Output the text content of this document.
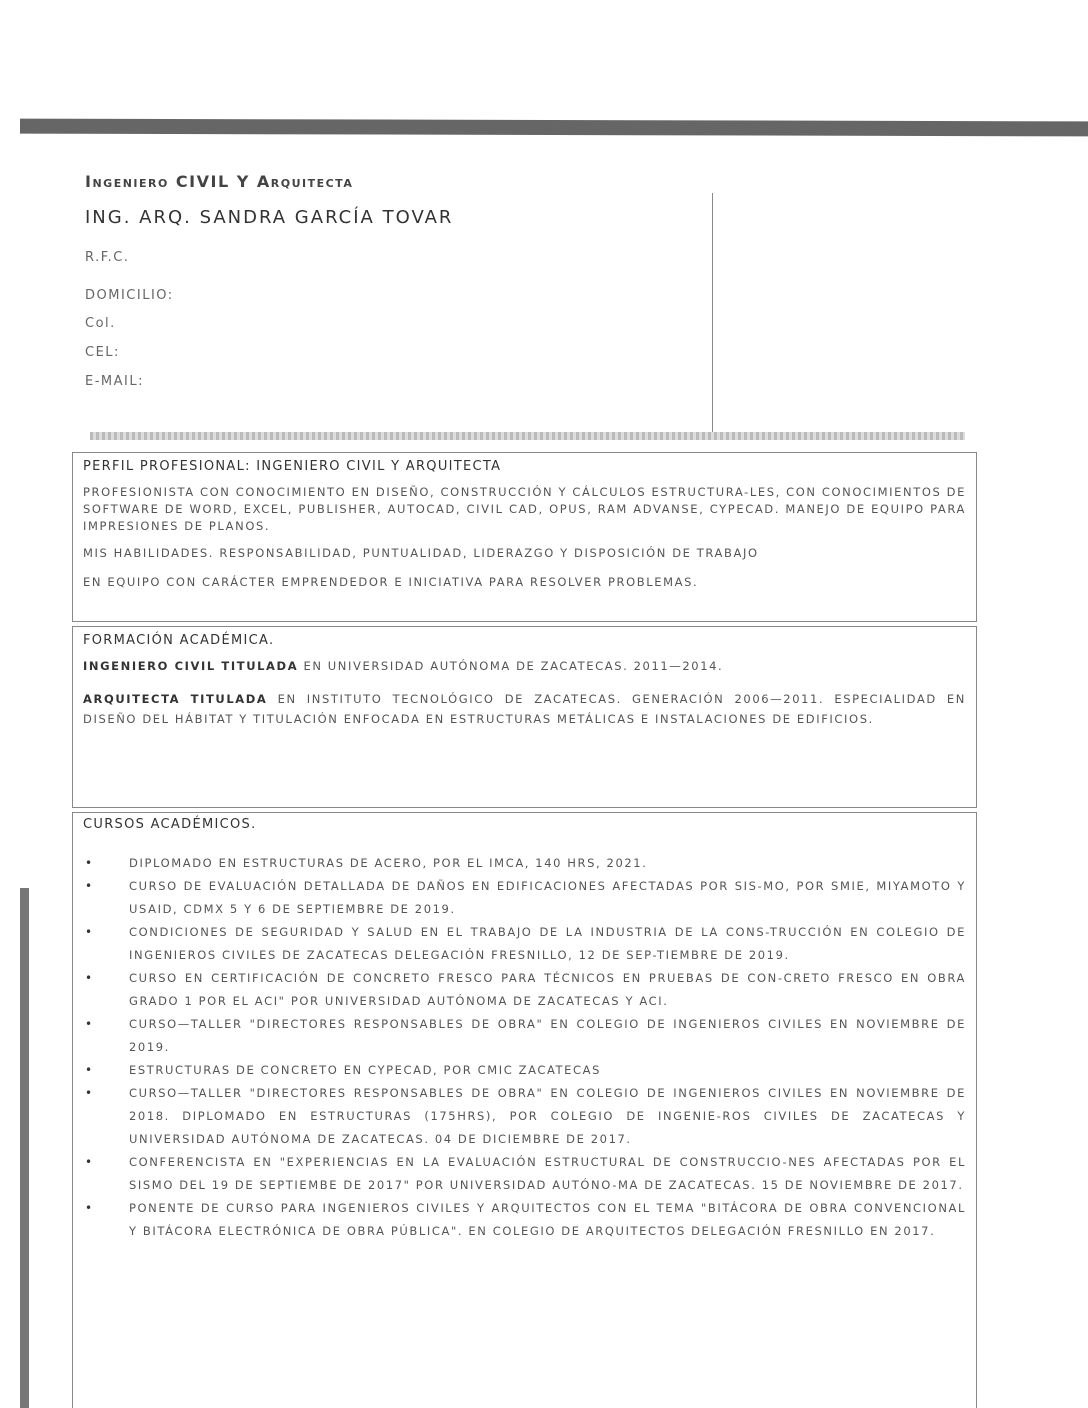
Ingeniero CIVIL Y Arquitecta
ING. ARQ. SANDRA GARCÍA TOVAR
R.F.C.
DOMICILIO:
Col.
CEL:
E-MAIL:

PERFIL PROFESIONAL: INGENIERO CIVIL Y ARQUITECTA

PROFESIONISTA CON CONOCIMIENTO EN DISEÑO, CONSTRUCCIÓN Y CÁLCULOS ESTRUCTURA-LES, CON CONOCIMIENTOS DE SOFTWARE DE WORD, EXCEL, PUBLISHER, AUTOCAD, CIVIL CAD, OPUS, RAM ADVANSE, CYPECAD. MANEJO DE EQUIPO PARA IMPRESIONES DE PLANOS.

MIS HABILIDADES. RESPONSABILIDAD, PUNTUALIDAD, LIDERAZGO Y DISPOSICIÓN DE TRABAJO

EN EQUIPO CON CARÁCTER EMPRENDEDOR E INICIATIVA PARA RESOLVER PROBLEMAS.

FORMACIÓN ACADÉMICA.

INGENIERO CIVIL TITULADA EN UNIVERSIDAD AUTÓNOMA DE ZACATECAS. 2011—2014.

ARQUITECTA TITULADA EN INSTITUTO TECNOLÓGICO DE ZACATECAS. GENERACIÓN 2006—2011. ESPECIALIDAD EN DISEÑO DEL HÁBITAT Y TITULACIÓN ENFOCADA EN ESTRUCTURAS METÁLICAS E INSTALACIONES DE EDIFICIOS.

CURSOS ACADÉMICOS.

•	DIPLOMADO EN ESTRUCTURAS DE ACERO, POR EL IMCA, 140 HRS, 2021.
•	CURSO DE EVALUACIÓN DETALLADA DE DAÑOS EN EDIFICACIONES AFECTADAS POR SIS-MO, POR SMIE, MIYAMOTO Y USAID, CDMX 5 Y 6 DE SEPTIEMBRE DE 2019.
•	CONDICIONES DE SEGURIDAD Y SALUD EN EL TRABAJO DE LA INDUSTRIA DE LA CONS-TRUCCIÓN EN COLEGIO DE INGENIEROS CIVILES DE ZACATECAS DELEGACIÓN FRESNILLO, 12 DE SEP-TIEMBRE DE 2019.
•	CURSO EN CERTIFICACIÓN DE CONCRETO FRESCO PARA TÉCNICOS EN PRUEBAS DE CON-CRETO FRESCO EN OBRA GRADO 1 POR EL ACI" POR UNIVERSIDAD AUTÓNOMA DE ZACATECAS Y ACI.
•	CURSO—TALLER "DIRECTORES RESPONSABLES DE OBRA" EN COLEGIO DE INGENIEROS CIVILES EN NOVIEMBRE DE 2019.
•	ESTRUCTURAS DE CONCRETO EN CYPECAD, POR CMIC ZACATECAS
•	CURSO—TALLER "DIRECTORES RESPONSABLES DE OBRA" EN COLEGIO DE INGENIEROS CIVILES EN NOVIEMBRE DE 2018. DIPLOMADO EN ESTRUCTURAS (175HRS), POR COLEGIO DE INGENIE-ROS CIVILES DE ZACATECAS Y UNIVERSIDAD AUTÓNOMA DE ZACATECAS. 04 DE DICIEMBRE DE 2017.
•	CONFERENCISTA EN "EXPERIENCIAS EN LA EVALUACIÓN ESTRUCTURAL DE CONSTRUCCIO-NES AFECTADAS POR EL SISMO DEL 19 DE SEPTIEMBE DE 2017" POR UNIVERSIDAD AUTÓNO-MA DE ZACATECAS. 15 DE NOVIEMBRE DE 2017.
•	PONENTE DE CURSO PARA INGENIEROS CIVILES Y ARQUITECTOS CON EL TEMA "BITÁCORA DE OBRA CONVENCIONAL Y BITÁCORA ELECTRÓNICA DE OBRA PÚBLICA". EN COLEGIO DE ARQUITECTOS DELEGACIÓN FRESNILLO EN 2017.
